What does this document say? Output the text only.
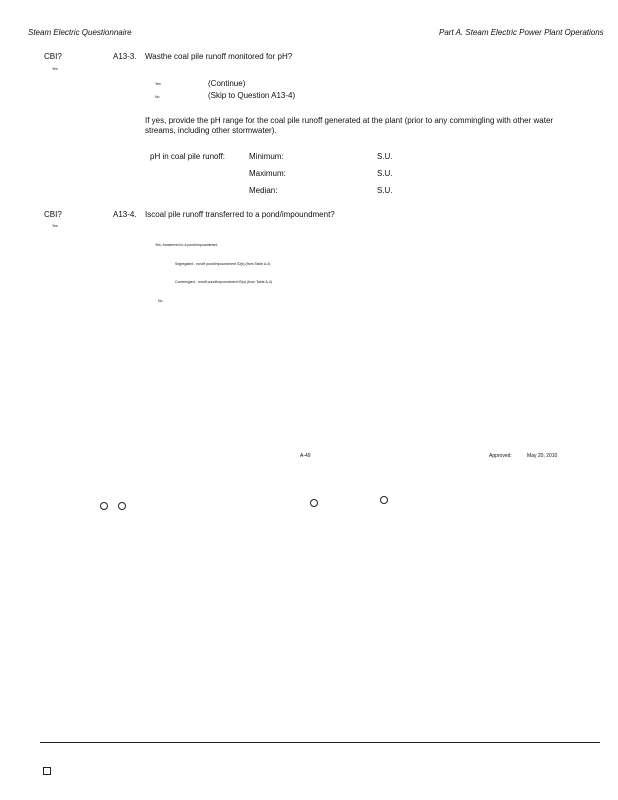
Steam Electric Questionnaire	Part A. Steam Electric Power Plant Operations
CBI?
Yes
A13-3. Wasthe coal pile runoff monitored for pH?
Yes	(Continue)
No	(Skip to Question A13-4)
If yes, provide the pH range for the coal pile runoff generated at the plant (prior to any commingling with other water streams, including other stormwater).
pH in coal pile runoff:	Minimum:	S.U.
Maximum:	S.U.
Median:	S.U.
CBI?
Yes
A13-4. Iscoal pile runoff transferred to a pond/impoundment?
Yes, transferred to a pond/impoundment
Segregated - runoff pond/impoundment ID(s) (from Table A-4)
Commingled - runoff pond/impoundment ID(s) (from Table A-4)
No
A-49	Approved:	May 20, 2010
